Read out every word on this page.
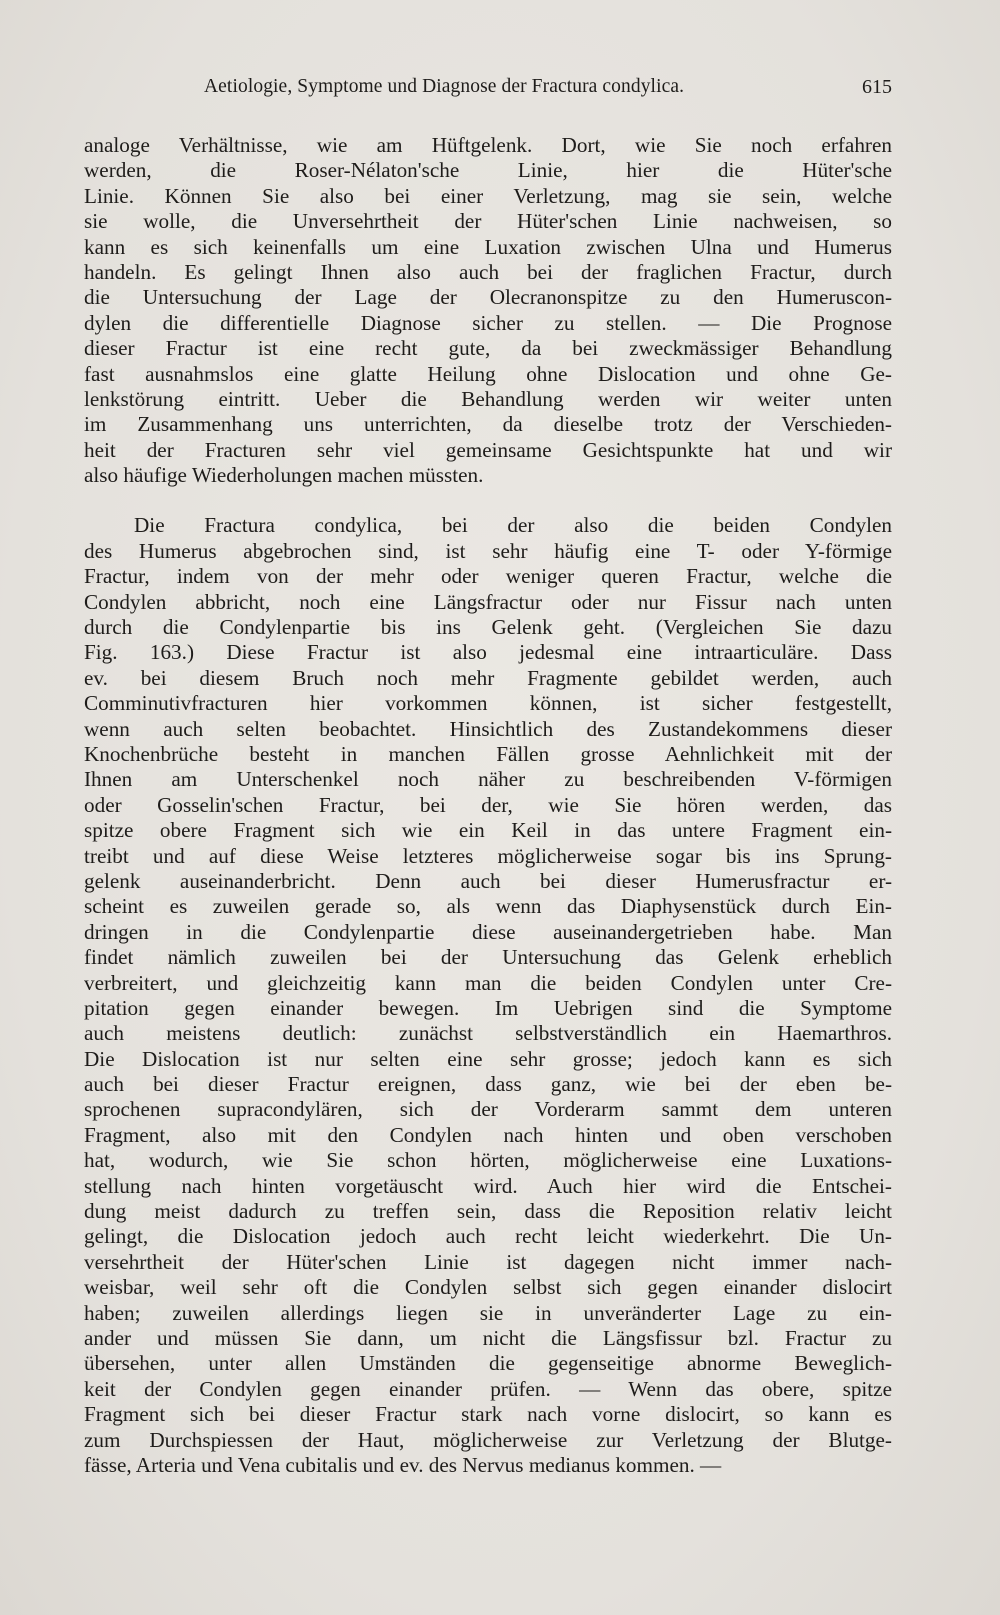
Aetiologie, Symptome und Diagnose der Fractura condylica.	615
analoge Verhältnisse, wie am Hüftgelenk. Dort, wie Sie noch erfahren
werden, die Roser-Nélaton'sche Linie, hier die Hüter'sche
Linie. Können Sie also bei einer Verletzung, mag sie sein, welche
sie wolle, die Unversehrtheit der Hüter'schen Linie nachweisen, so
kann es sich keinenfalls um eine Luxation zwischen Ulna und Humerus
handeln. Es gelingt Ihnen also auch bei der fraglichen Fractur, durch
die Untersuchung der Lage der Olecranonspitze zu den Humeruscon-
dylen die differentielle Diagnose sicher zu stellen. — Die Prognose
dieser Fractur ist eine recht gute, da bei zweckmässiger Behandlung
fast ausnahmslos eine glatte Heilung ohne Dislocation und ohne Ge-
lenkstörung eintritt. Ueber die Behandlung werden wir weiter unten
im Zusammenhang uns unterrichten, da dieselbe trotz der Verschieden-
heit der Fracturen sehr viel gemeinsame Gesichtspunkte hat und wir
also häufige Wiederholungen machen müssten.
Die Fractura condylica, bei der also die beiden Condylen
des Humerus abgebrochen sind, ist sehr häufig eine T- oder Y-förmige
Fractur, indem von der mehr oder weniger queren Fractur, welche die
Condylen abbricht, noch eine Längsfractur oder nur Fissur nach unten
durch die Condylenpartie bis ins Gelenk geht. (Vergleichen Sie dazu
Fig. 163.) Diese Fractur ist also jedesmal eine intraarticuläre. Dass
ev. bei diesem Bruch noch mehr Fragmente gebildet werden, auch
Comminutivfracturen hier vorkommen können, ist sicher festgestellt,
wenn auch selten beobachtet. Hinsichtlich des Zustandekommens dieser
Knochenbrüche besteht in manchen Fällen grosse Aehnlichkeit mit der
Ihnen am Unterschenkel noch näher zu beschreibenden V-förmigen
oder Gosselin'schen Fractur, bei der, wie Sie hören werden, das
spitze obere Fragment sich wie ein Keil in das untere Fragment ein-
treibt und auf diese Weise letzteres möglicherweise sogar bis ins Sprung-
gelenk auseinanderbricht. Denn auch bei dieser Humerusfractur er-
scheint es zuweilen gerade so, als wenn das Diaphysenstück durch Ein-
dringen in die Condylenpartie diese auseinandergetrieben habe. Man
findet nämlich zuweilen bei der Untersuchung das Gelenk erheblich
verbreitert, und gleichzeitig kann man die beiden Condylen unter Cre-
pitation gegen einander bewegen. Im Uebrigen sind die Symptome
auch meistens deutlich: zunächst selbstverständlich ein Haemarthros.
Die Dislocation ist nur selten eine sehr grosse; jedoch kann es sich
auch bei dieser Fractur ereignen, dass ganz, wie bei der eben be-
sprochenen supracondylären, sich der Vorderarm sammt dem unteren
Fragment, also mit den Condylen nach hinten und oben verschoben
hat, wodurch, wie Sie schon hörten, möglicherweise eine Luxations-
stellung nach hinten vorgetäuscht wird. Auch hier wird die Entschei-
dung meist dadurch zu treffen sein, dass die Reposition relativ leicht
gelingt, die Dislocation jedoch auch recht leicht wiederkehrt. Die Un-
versehrtheit der Hüter'schen Linie ist dagegen nicht immer nach-
weisbar, weil sehr oft die Condylen selbst sich gegen einander dislocirt
haben; zuweilen allerdings liegen sie in unveränderter Lage zu ein-
ander und müssen Sie dann, um nicht die Längsfissur bzl. Fractur zu
übersehen, unter allen Umständen die gegenseitige abnorme Beweglich-
keit der Condylen gegen einander prüfen. — Wenn das obere, spitze
Fragment sich bei dieser Fractur stark nach vorne dislocirt, so kann es
zum Durchspiessen der Haut, möglicherweise zur Verletzung der Blutge-
fässe, Arteria und Vena cubitalis und ev. des Nervus medianus kommen. —
